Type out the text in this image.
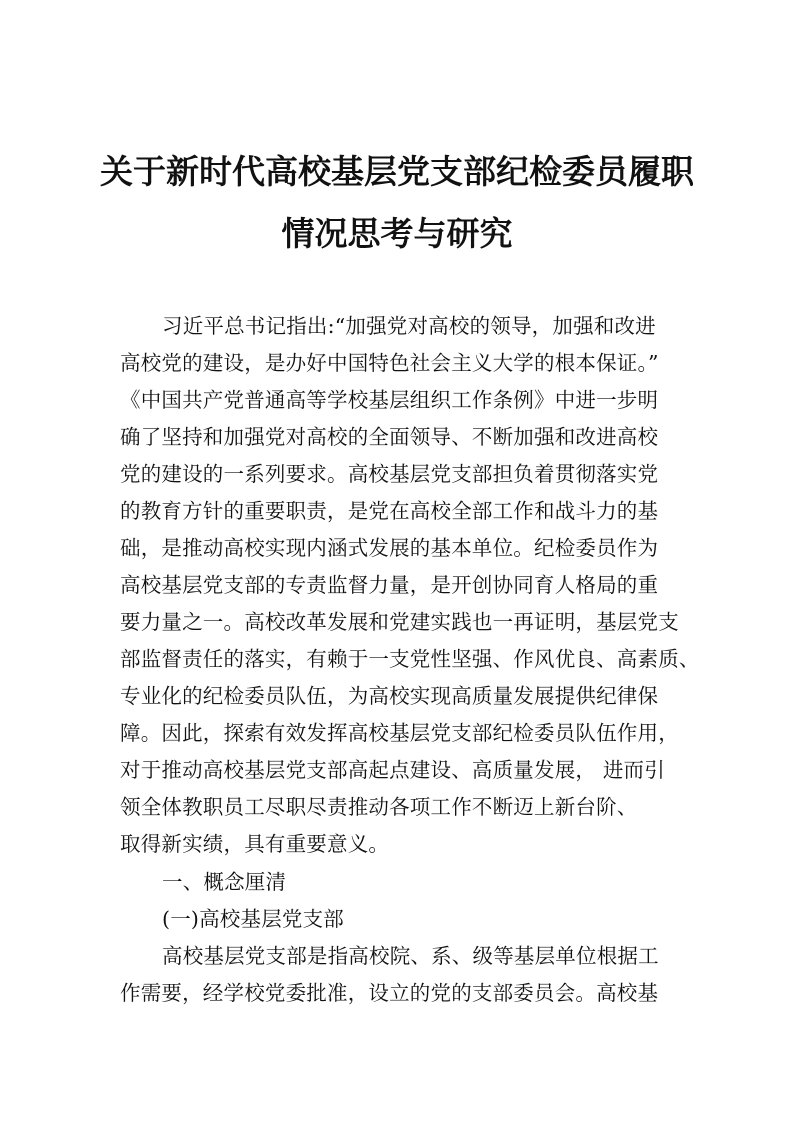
关于新时代高校基层党支部纪检委员履职
情况思考与研究
习近平总书记指出:“加强党对高校的领导，加强和改进
高校党的建设，是办好中国特色社会主义大学的根本保证。”
《中国共产党普通高等学校基层组织工作条例》中进一步明
确了坚持和加强党对高校的全面领导、不断加强和改进高校
党的建设的一系列要求。高校基层党支部担负着贯彻落实党
的教育方针的重要职责，是党在高校全部工作和战斗力的基
础，是推动高校实现内涵式发展的基本单位。纪检委员作为
高校基层党支部的专责监督力量，是开创协同育人格局的重
要力量之一。高校改革发展和党建实践也一再证明，基层党支
部监督责任的落实，有赖于一支党性坚强、作风优良、高素质、
专业化的纪检委员队伍，为高校实现高质量发展提供纪律保
障。因此，探索有效发挥高校基层党支部纪检委员队伍作用，
对于推动高校基层党支部高起点建设、高质量发展， 进而引
领全体教职员工尽职尽责推动各项工作不断迈上新台阶、
取得新实绩，具有重要意义。
一、概念厘清
(一)高校基层党支部
高校基层党支部是指高校院、系、级等基层单位根据工
作需要，经学校党委批准，设立的党的支部委员会。高校基
